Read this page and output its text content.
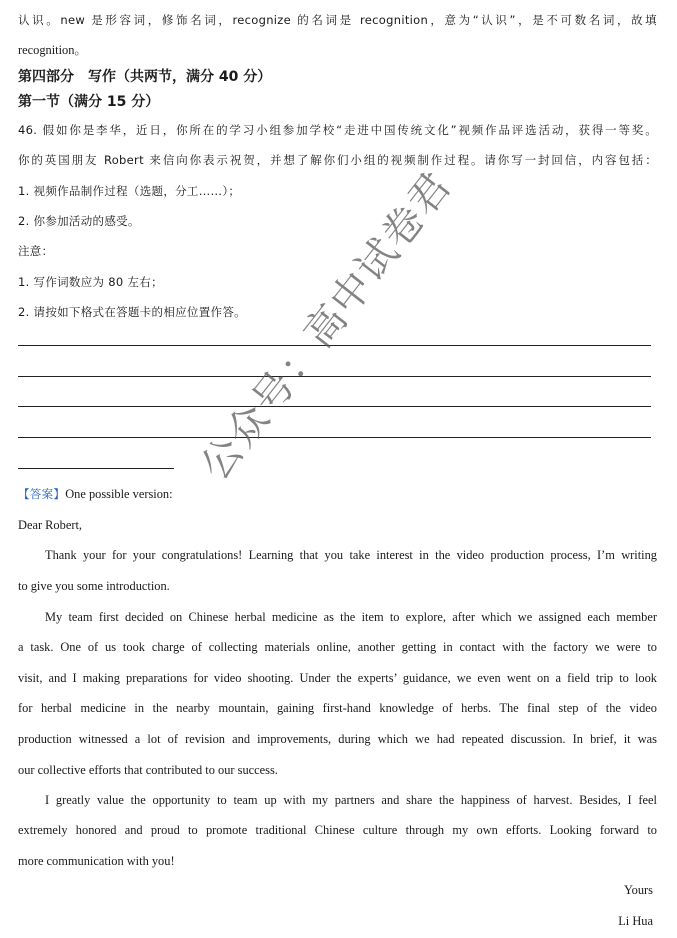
认识。new 是形容词，修饰名词，recognize 的名词是 recognition，意为“认识”，是不可数名词，故填
recognition。
第四部分　写作（共两节，满分 40 分）
第一节（满分 15 分）
46. 假如你是李华，近日，你所在的学习小组参加学校“走进中国传统文化”视频作品评选活动，获得一等奖。
你的英国朋友 Robert 来信向你表示祝贺，并想了解你们小组的视频制作过程。请你写一封回信，内容包括：
1. 视频作品制作过程（选题，分工……）；
2. 你参加活动的感受。
注意：
1. 写作词数应为 80 左右；
2. 请按如下格式在答题卡的相应位置作答。
【答案】One possible version:
Dear Robert,
Thank your for your congratulations! Learning that you take interest in the video production process, I’m writing
to give you some introduction.
My team first decided on Chinese herbal medicine as the item to explore, after which we assigned each member
a task. One of us took charge of collecting materials online, another getting in contact with the factory we were to
visit, and I making preparations for video shooting. Under the experts’ guidance, we even went on a field trip to look
for herbal medicine in the nearby mountain, gaining first-hand knowledge of herbs. The final step of the video
production witnessed a lot of revision and improvements, during which we had repeated discussion. In brief, it was
our collective efforts that contributed to our success.
I greatly value the opportunity to team up with my partners and share the happiness of harvest. Besides, I feel
extremely honored and proud to promote traditional Chinese culture through my own efforts. Looking forward to
more communication with you!
Yours
Li Hua
公众号：高中试卷君
